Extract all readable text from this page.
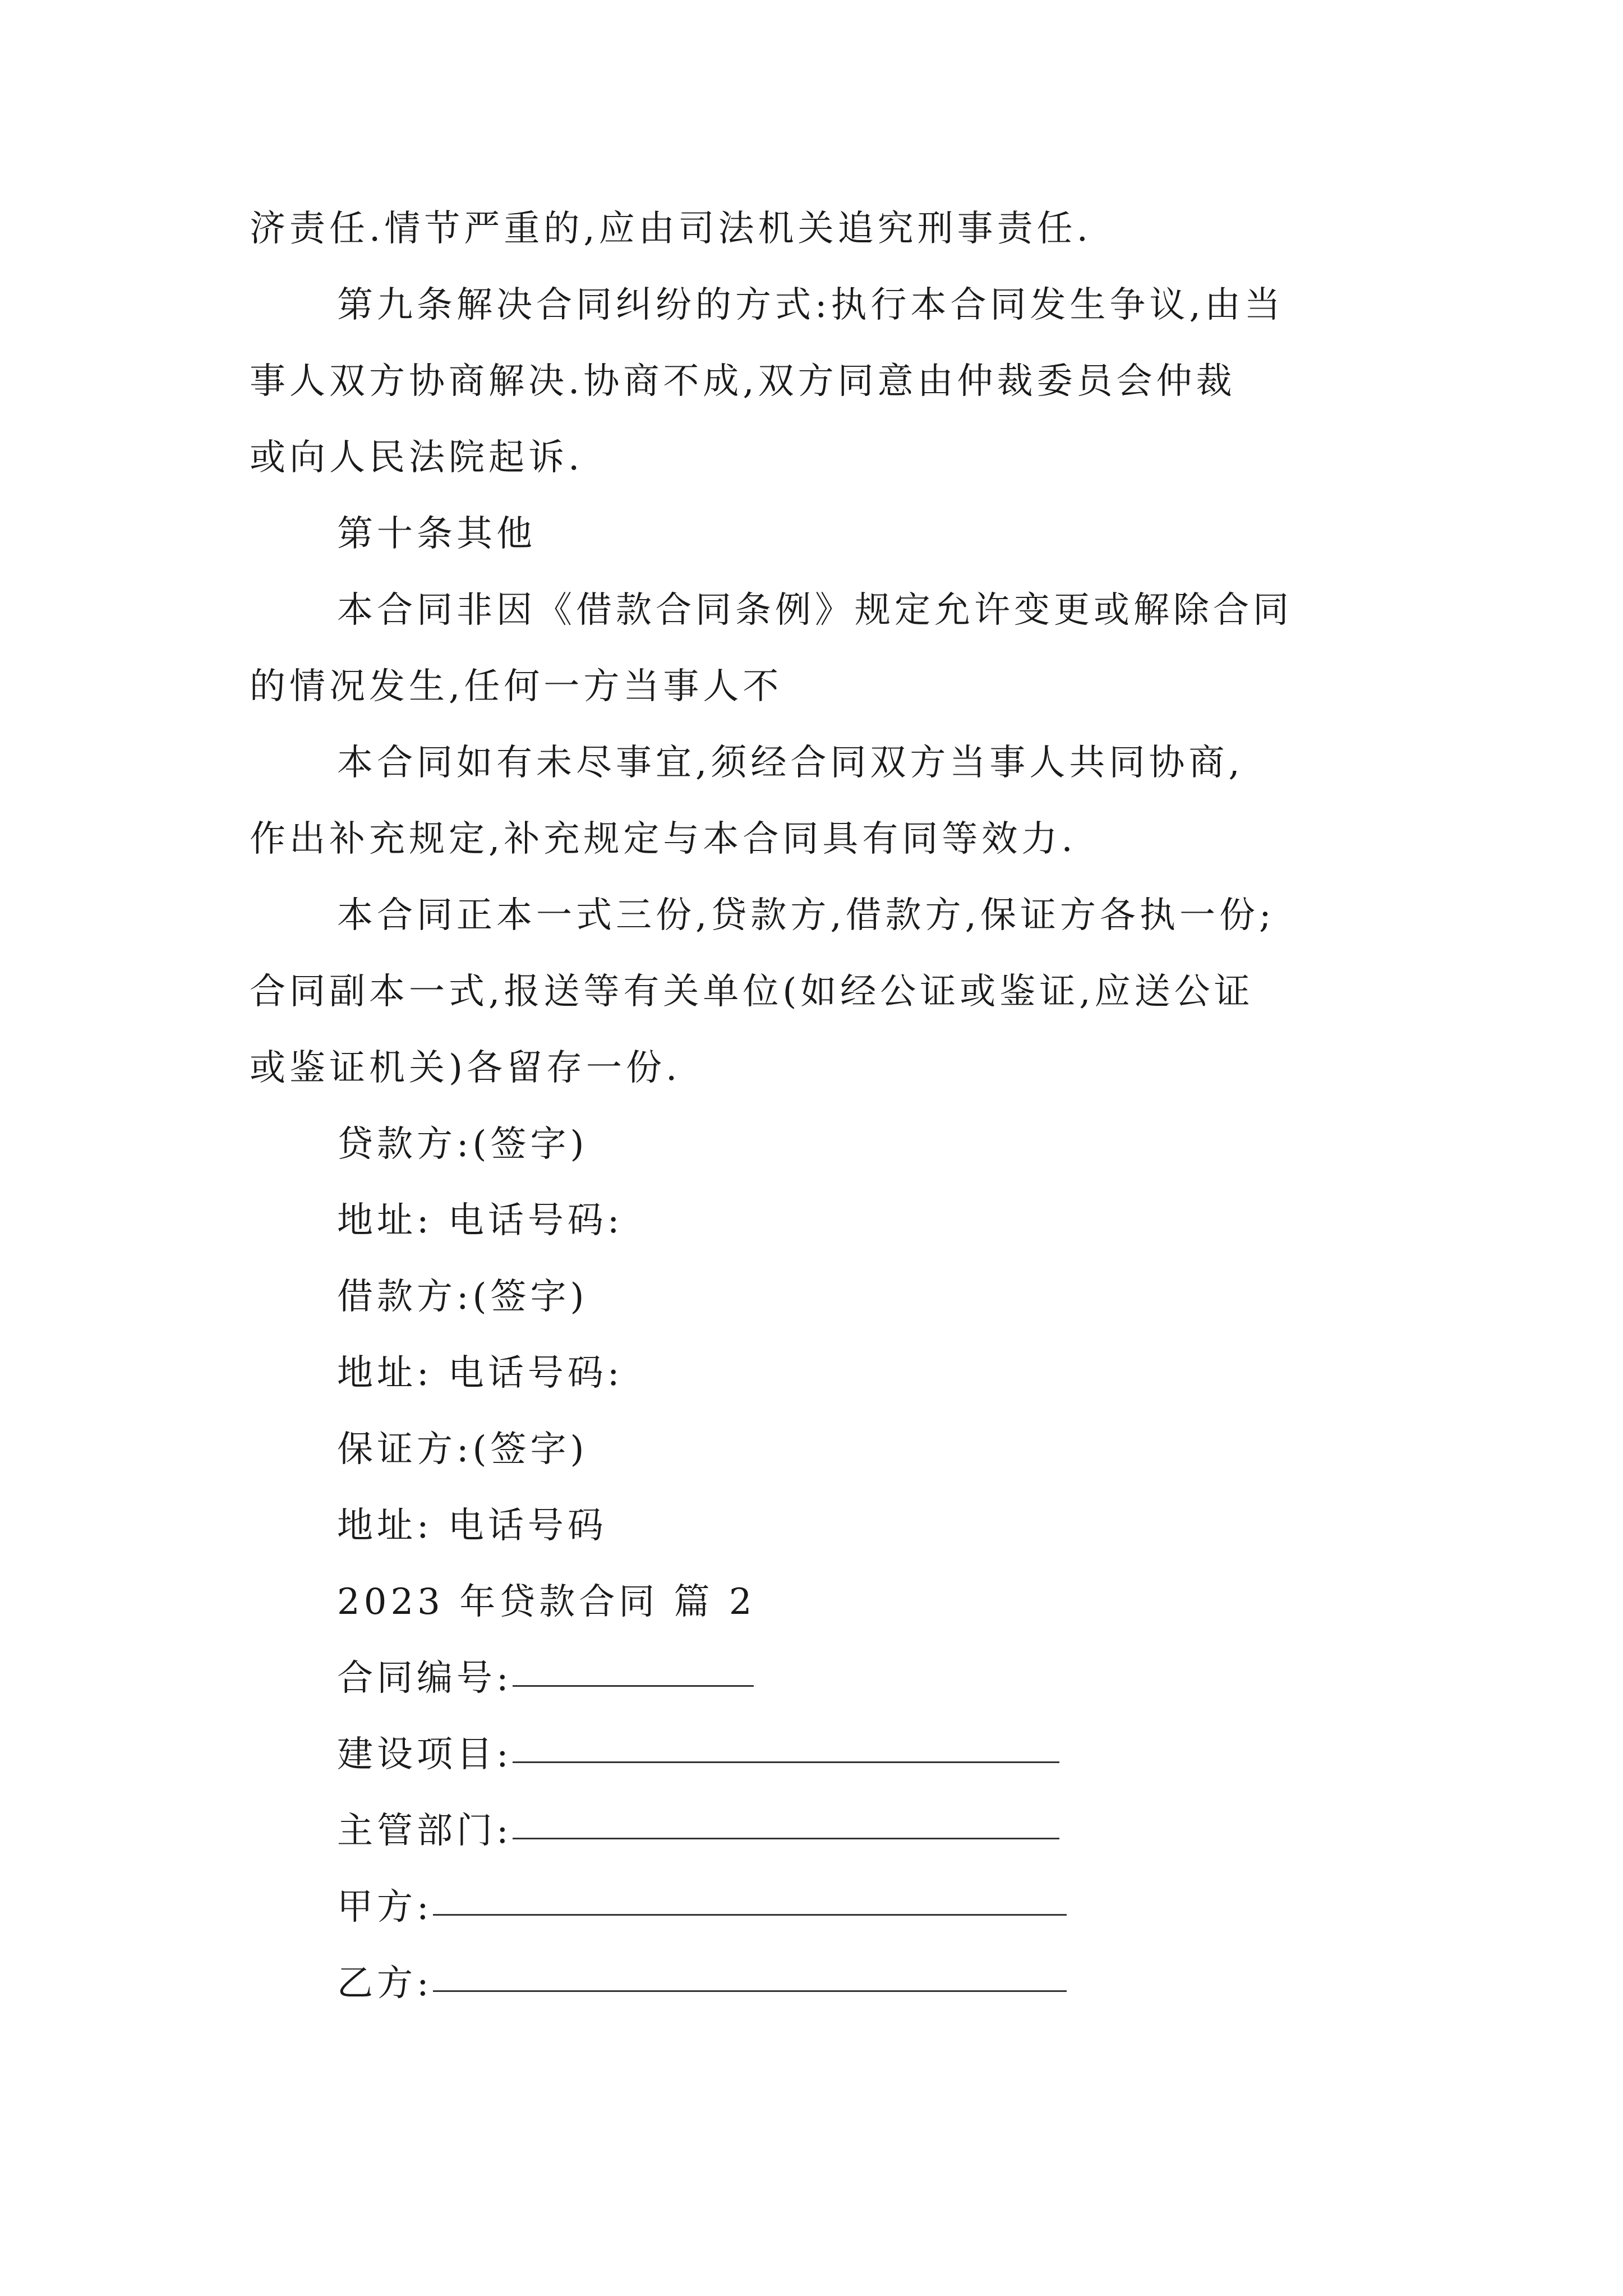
济责任.情节严重的,应由司法机关追究刑事责任.
第九条解决合同纠纷的方式:执行本合同发生争议,由当
事人双方协商解决.协商不成,双方同意由仲裁委员会仲裁
或向人民法院起诉.
第十条其他
本合同非因《借款合同条例》规定允许变更或解除合同
的情况发生,任何一方当事人不
本合同如有未尽事宜,须经合同双方当事人共同协商,
作出补充规定,补充规定与本合同具有同等效力.
本合同正本一式三份,贷款方,借款方,保证方各执一份;
合同副本一式,报送等有关单位(如经公证或鉴证,应送公证
或鉴证机关)各留存一份.
贷款方:(签字)
地址: 电话号码:
借款方:(签字)
地址: 电话号码:
保证方:(签字)
地址: 电话号码
2023 年贷款合同 篇 2
合同编号:
建设项目:
主管部门:
甲方:
乙方:
